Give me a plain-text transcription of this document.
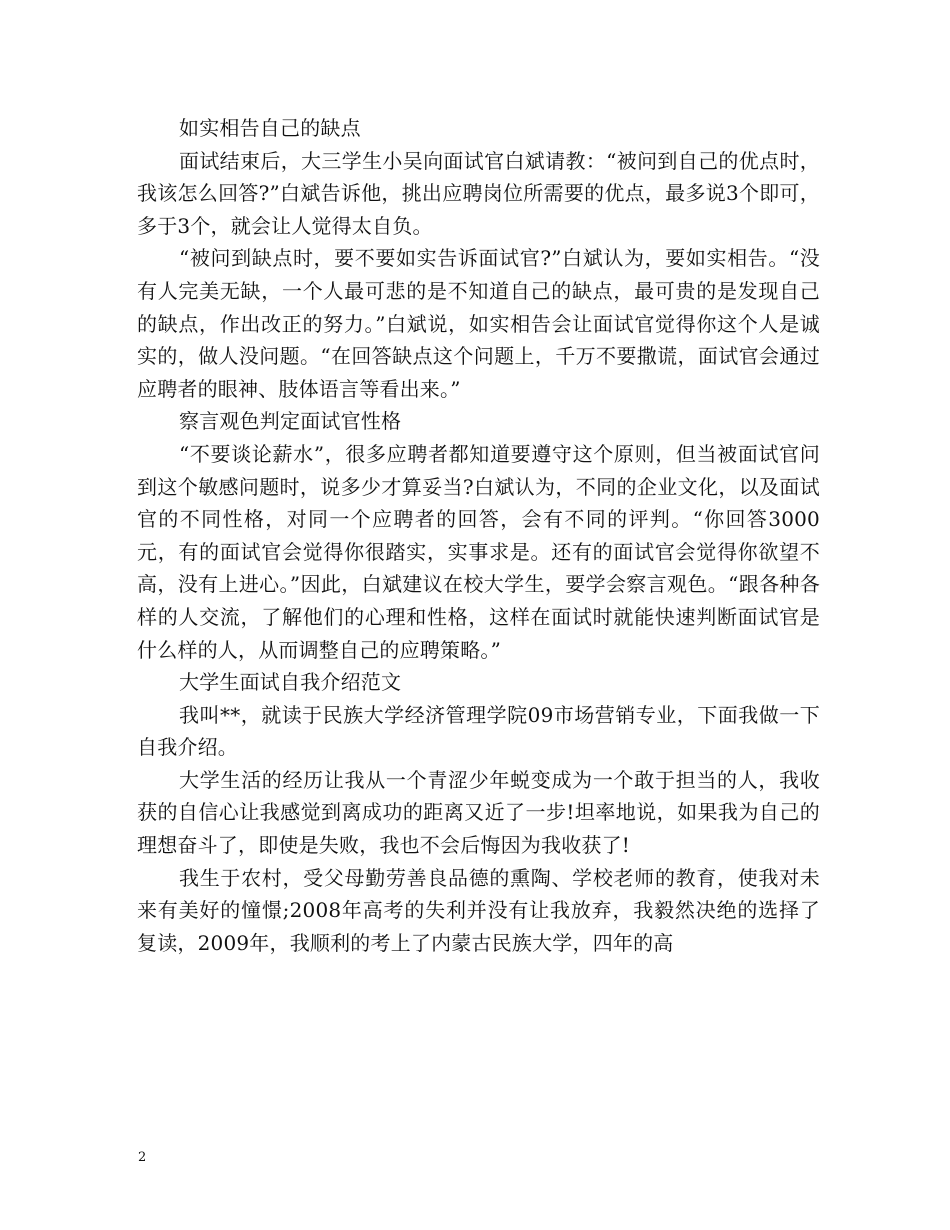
如实相告自己的缺点

面试结束后，大三学生小吴向面试官白斌请教：“被问到自己的优点时，我该怎么回答?”白斌告诉他，挑出应聘岗位所需要的优点，最多说3个即可，多于3个，就会让人觉得太自负。

“被问到缺点时，要不要如实告诉面试官?”白斌认为，要如实相告。“没有人完美无缺，一个人最可悲的是不知道自己的缺点，最可贵的是发现自己的缺点，作出改正的努力。”白斌说，如实相告会让面试官觉得你这个人是诚实的，做人没问题。“在回答缺点这个问题上，千万不要撒谎，面试官会通过应聘者的眼神、肢体语言等看出来。”

察言观色判定面试官性格

“不要谈论薪水”，很多应聘者都知道要遵守这个原则，但当被面试官问到这个敏感问题时，说多少才算妥当?白斌认为，不同的企业文化，以及面试官的不同性格，对同一个应聘者的回答，会有不同的评判。“你回答3000元，有的面试官会觉得你很踏实，实事求是。还有的面试官会觉得你欲望不高，没有上进心。”因此，白斌建议在校大学生，要学会察言观色。“跟各种各样的人交流，了解他们的心理和性格，这样在面试时就能快速判断面试官是什么样的人，从而调整自己的应聘策略。”

大学生面试自我介绍范文

我叫**，就读于民族大学经济管理学院09市场营销专业，下面我做一下自我介绍。

大学生活的经历让我从一个青涩少年蜕变成为一个敢于担当的人，我收获的自信心让我感觉到离成功的距离又近了一步!坦率地说，如果我为自己的理想奋斗了，即使是失败，我也不会后悔因为我收获了!

我生于农村，受父母勤劳善良品德的熏陶、学校老师的教育，使我对未来有美好的憧憬;2008年高考的失利并没有让我放弃，我毅然决绝的选择了复读，2009年，我顺利的考上了内蒙古民族大学，四年的高

2
